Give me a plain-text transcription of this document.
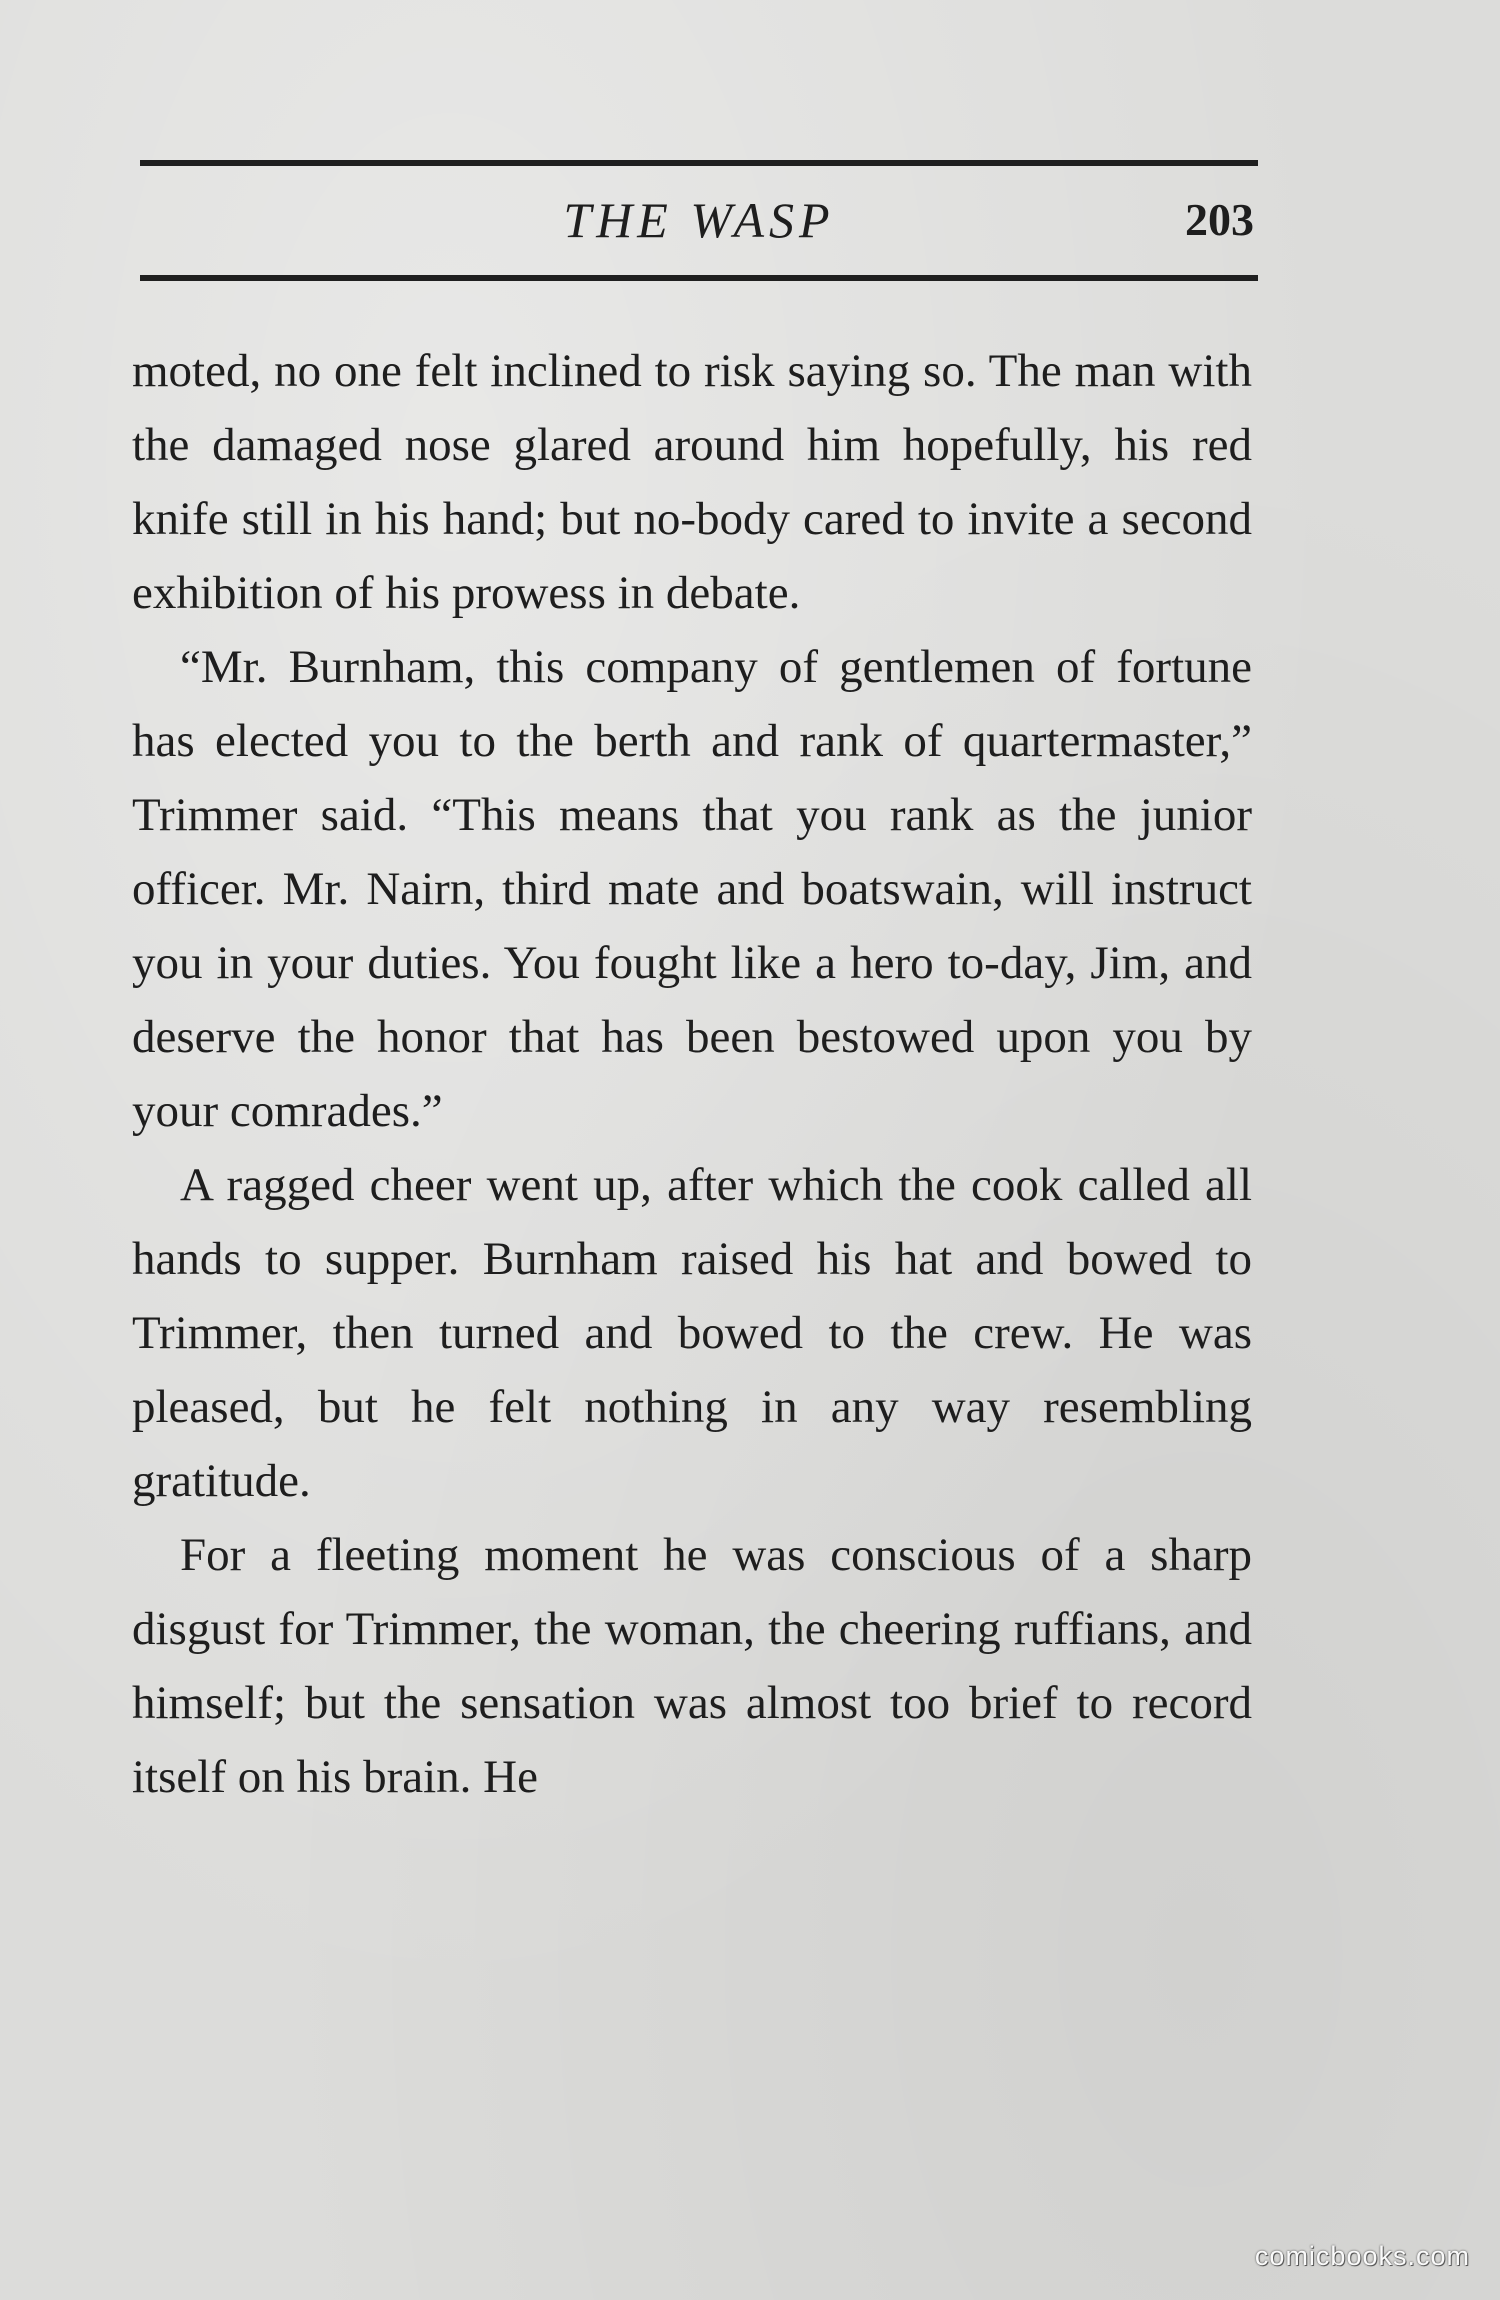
THE WASP	203

moted, no one felt inclined to risk saying so. The man with the damaged nose glared around him hopefully, his red knife still in his hand; but no-body cared to invite a second exhibition of his prowess in debate.

“Mr. Burnham, this company of gentlemen of fortune has elected you to the berth and rank of quartermaster,” Trimmer said. “This means that you rank as the junior officer. Mr. Nairn, third mate and boatswain, will instruct you in your duties. You fought like a hero to-day, Jim, and deserve the honor that has been bestowed upon you by your comrades.”

A ragged cheer went up, after which the cook called all hands to supper. Burnham raised his hat and bowed to Trimmer, then turned and bowed to the crew. He was pleased, but he felt nothing in any way resembling gratitude.

For a fleeting moment he was conscious of a sharp disgust for Trimmer, the woman, the cheering ruffians, and himself; but the sensation was almost too brief to record itself on his brain. He

comicbooks.com
